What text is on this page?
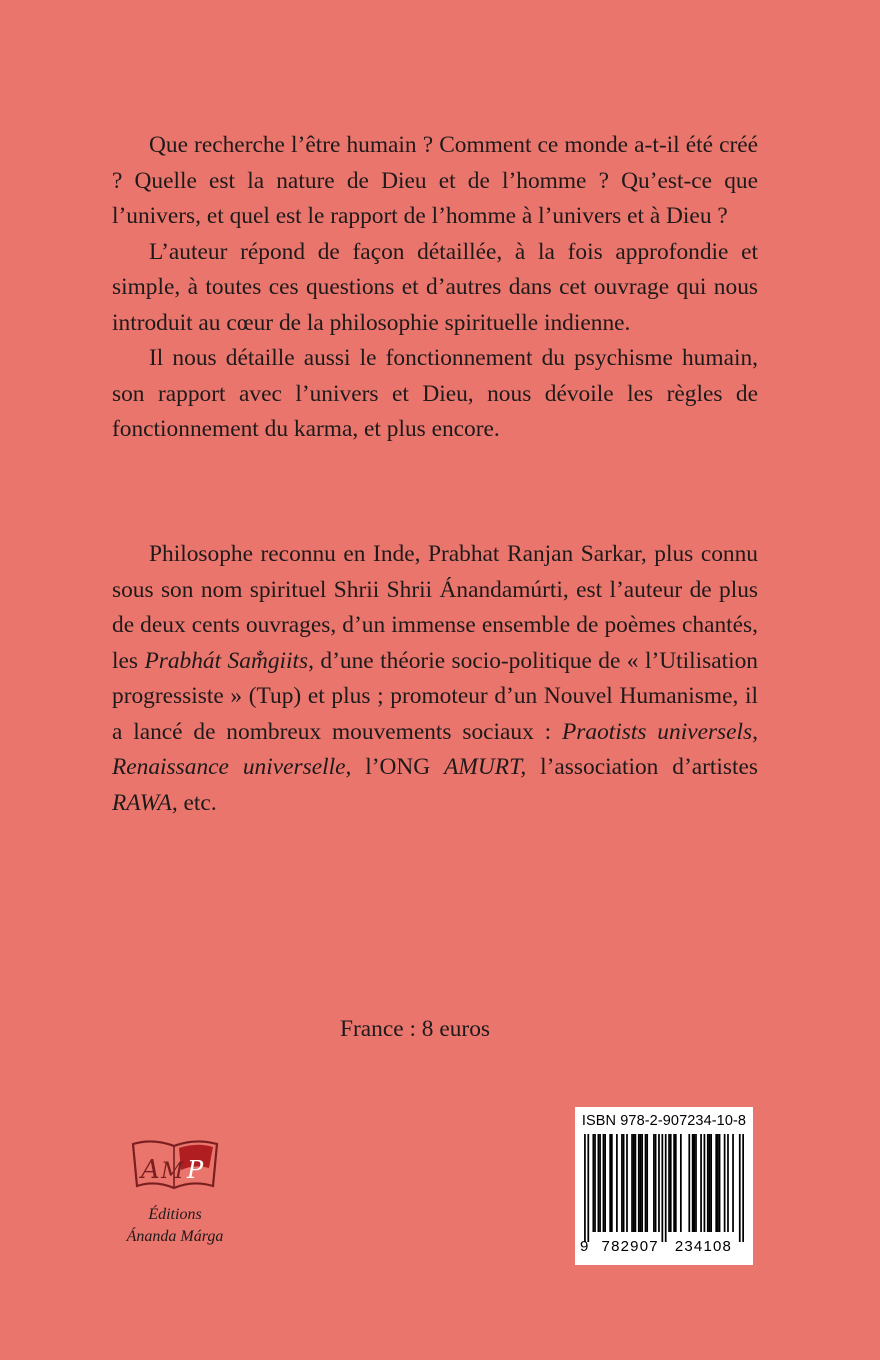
Que recherche l’être humain ? Comment ce monde a-t-il été créé ? Quelle est la nature de Dieu et de l’homme ? Qu’est-ce que l’univers, et quel est le rapport de l’homme à l’univers et à Dieu ?

L’auteur répond de façon détaillée, à la fois approfondie et simple, à toutes ces questions et d’autres dans cet ouvrage qui nous introduit au cœur de la philosophie spirituelle indienne.

Il nous détaille aussi le fonctionnement du psychisme humain, son rapport avec l’univers et Dieu, nous dévoile les règles de fonctionnement du karma, et plus encore.

Philosophe reconnu en Inde, Prabhat Ranjan Sarkar, plus connu sous son nom spirituel Shrii Shrii Ánandamúrti, est l’auteur de plus de deux cents ouvrages, d’un immense ensemble de poèmes chantés, les Prabhát Sam̐giits, d’une théorie socio-politique de « l’Utilisation progressiste » (Tup) et plus ; promoteur d’un Nouvel Humanisme, il a lancé de nombreux mouvements sociaux : Praotists universels, Renaissance universelle, l’ONG AMURT, l’association d’artistes RAWA, etc.

France : 8 euros
A M P
Éditions
Ánanda Márga
ISBN 978-2-907234-10-8
9 782907 234108
